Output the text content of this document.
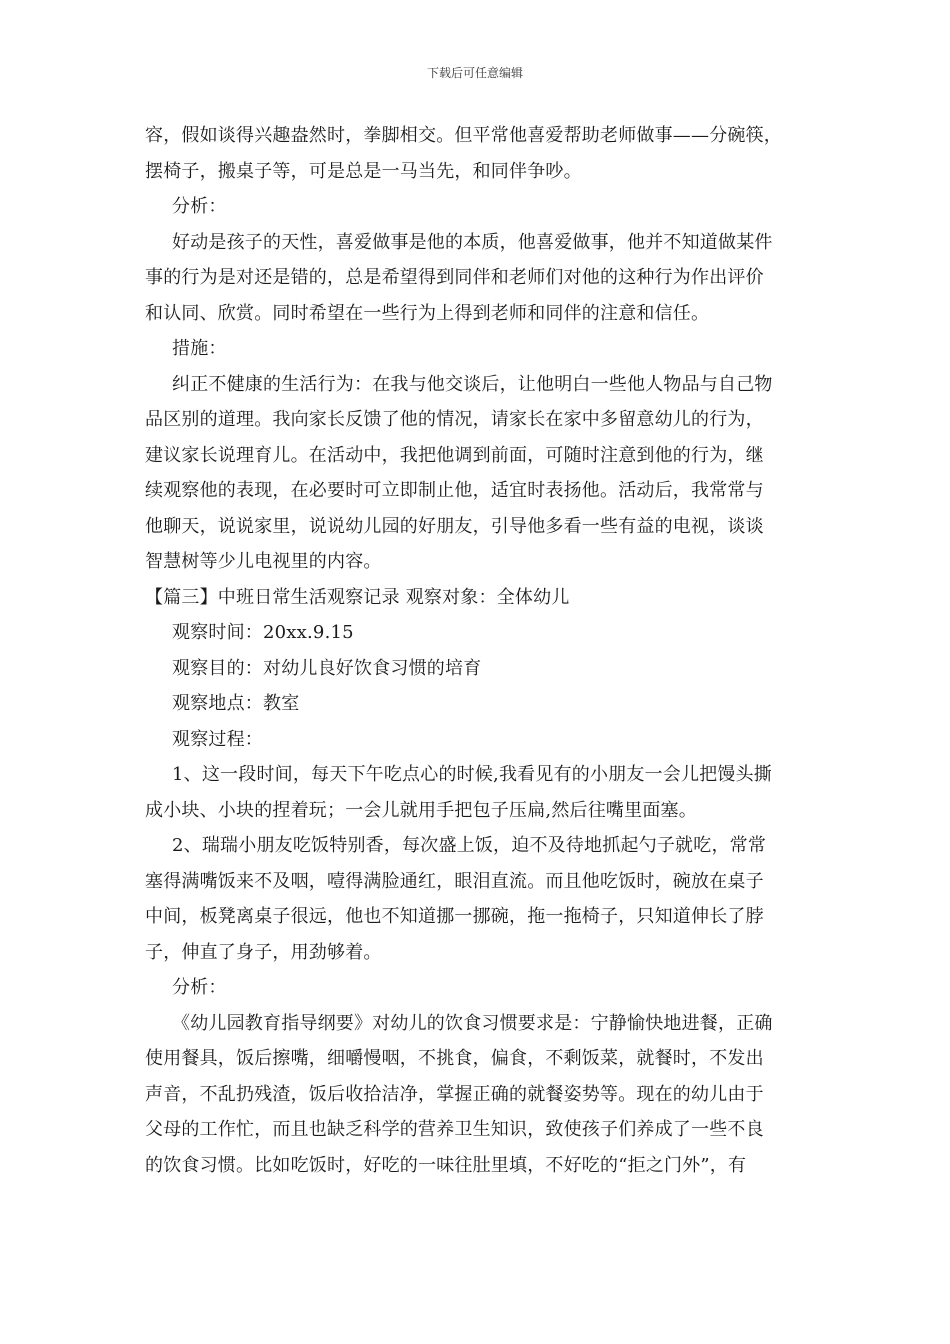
下载后可任意编辑
容，假如谈得兴趣盎然时，拳脚相交。但平常他喜爱帮助老师做事——分碗筷，
摆椅子，搬桌子等，可是总是一马当先，和同伴争吵。
分析：
好动是孩子的天性，喜爱做事是他的本质，他喜爱做事，他并不知道做某件
事的行为是对还是错的，总是希望得到同伴和老师们对他的这种行为作出评价
和认同、欣赏。同时希望在一些行为上得到老师和同伴的注意和信任。
措施：
纠正不健康的生活行为：在我与他交谈后，让他明白一些他人物品与自己物
品区别的道理。我向家长反馈了他的情况，请家长在家中多留意幼儿的行为，
建议家长说理育儿。在活动中，我把他调到前面，可随时注意到他的行为，继
续观察他的表现，在必要时可立即制止他，适宜时表扬他。活动后，我常常与
他聊天，说说家里，说说幼儿园的好朋友，引导他多看一些有益的电视，谈谈
智慧树等少儿电视里的内容。
【篇三】中班日常生活观察记录 观察对象：全体幼儿
观察时间：20xx.9.15
观察目的：对幼儿良好饮食习惯的培育
观察地点：教室
观察过程：
1、这一段时间，每天下午吃点心的时候,我看见有的小朋友一会儿把馒头撕
成小块、小块的捏着玩；一会儿就用手把包子压扁,然后往嘴里面塞。
2、瑞瑞小朋友吃饭特别香，每次盛上饭，迫不及待地抓起勺子就吃，常常
塞得满嘴饭来不及咽，噎得满脸通红，眼泪直流。而且他吃饭时，碗放在桌子
中间，板凳离桌子很远，他也不知道挪一挪碗，拖一拖椅子，只知道伸长了脖
子，伸直了身子，用劲够着。
分析：
《幼儿园教育指导纲要》对幼儿的饮食习惯要求是：宁静愉快地进餐，正确
使用餐具，饭后擦嘴，细嚼慢咽，不挑食，偏食，不剩饭菜，就餐时，不发出
声音，不乱扔残渣，饭后收拾洁净，掌握正确的就餐姿势等。现在的幼儿由于
父母的工作忙，而且也缺乏科学的营养卫生知识，致使孩子们养成了一些不良
的饮食习惯。比如吃饭时，好吃的一味往肚里填，不好吃的“拒之门外”，有
